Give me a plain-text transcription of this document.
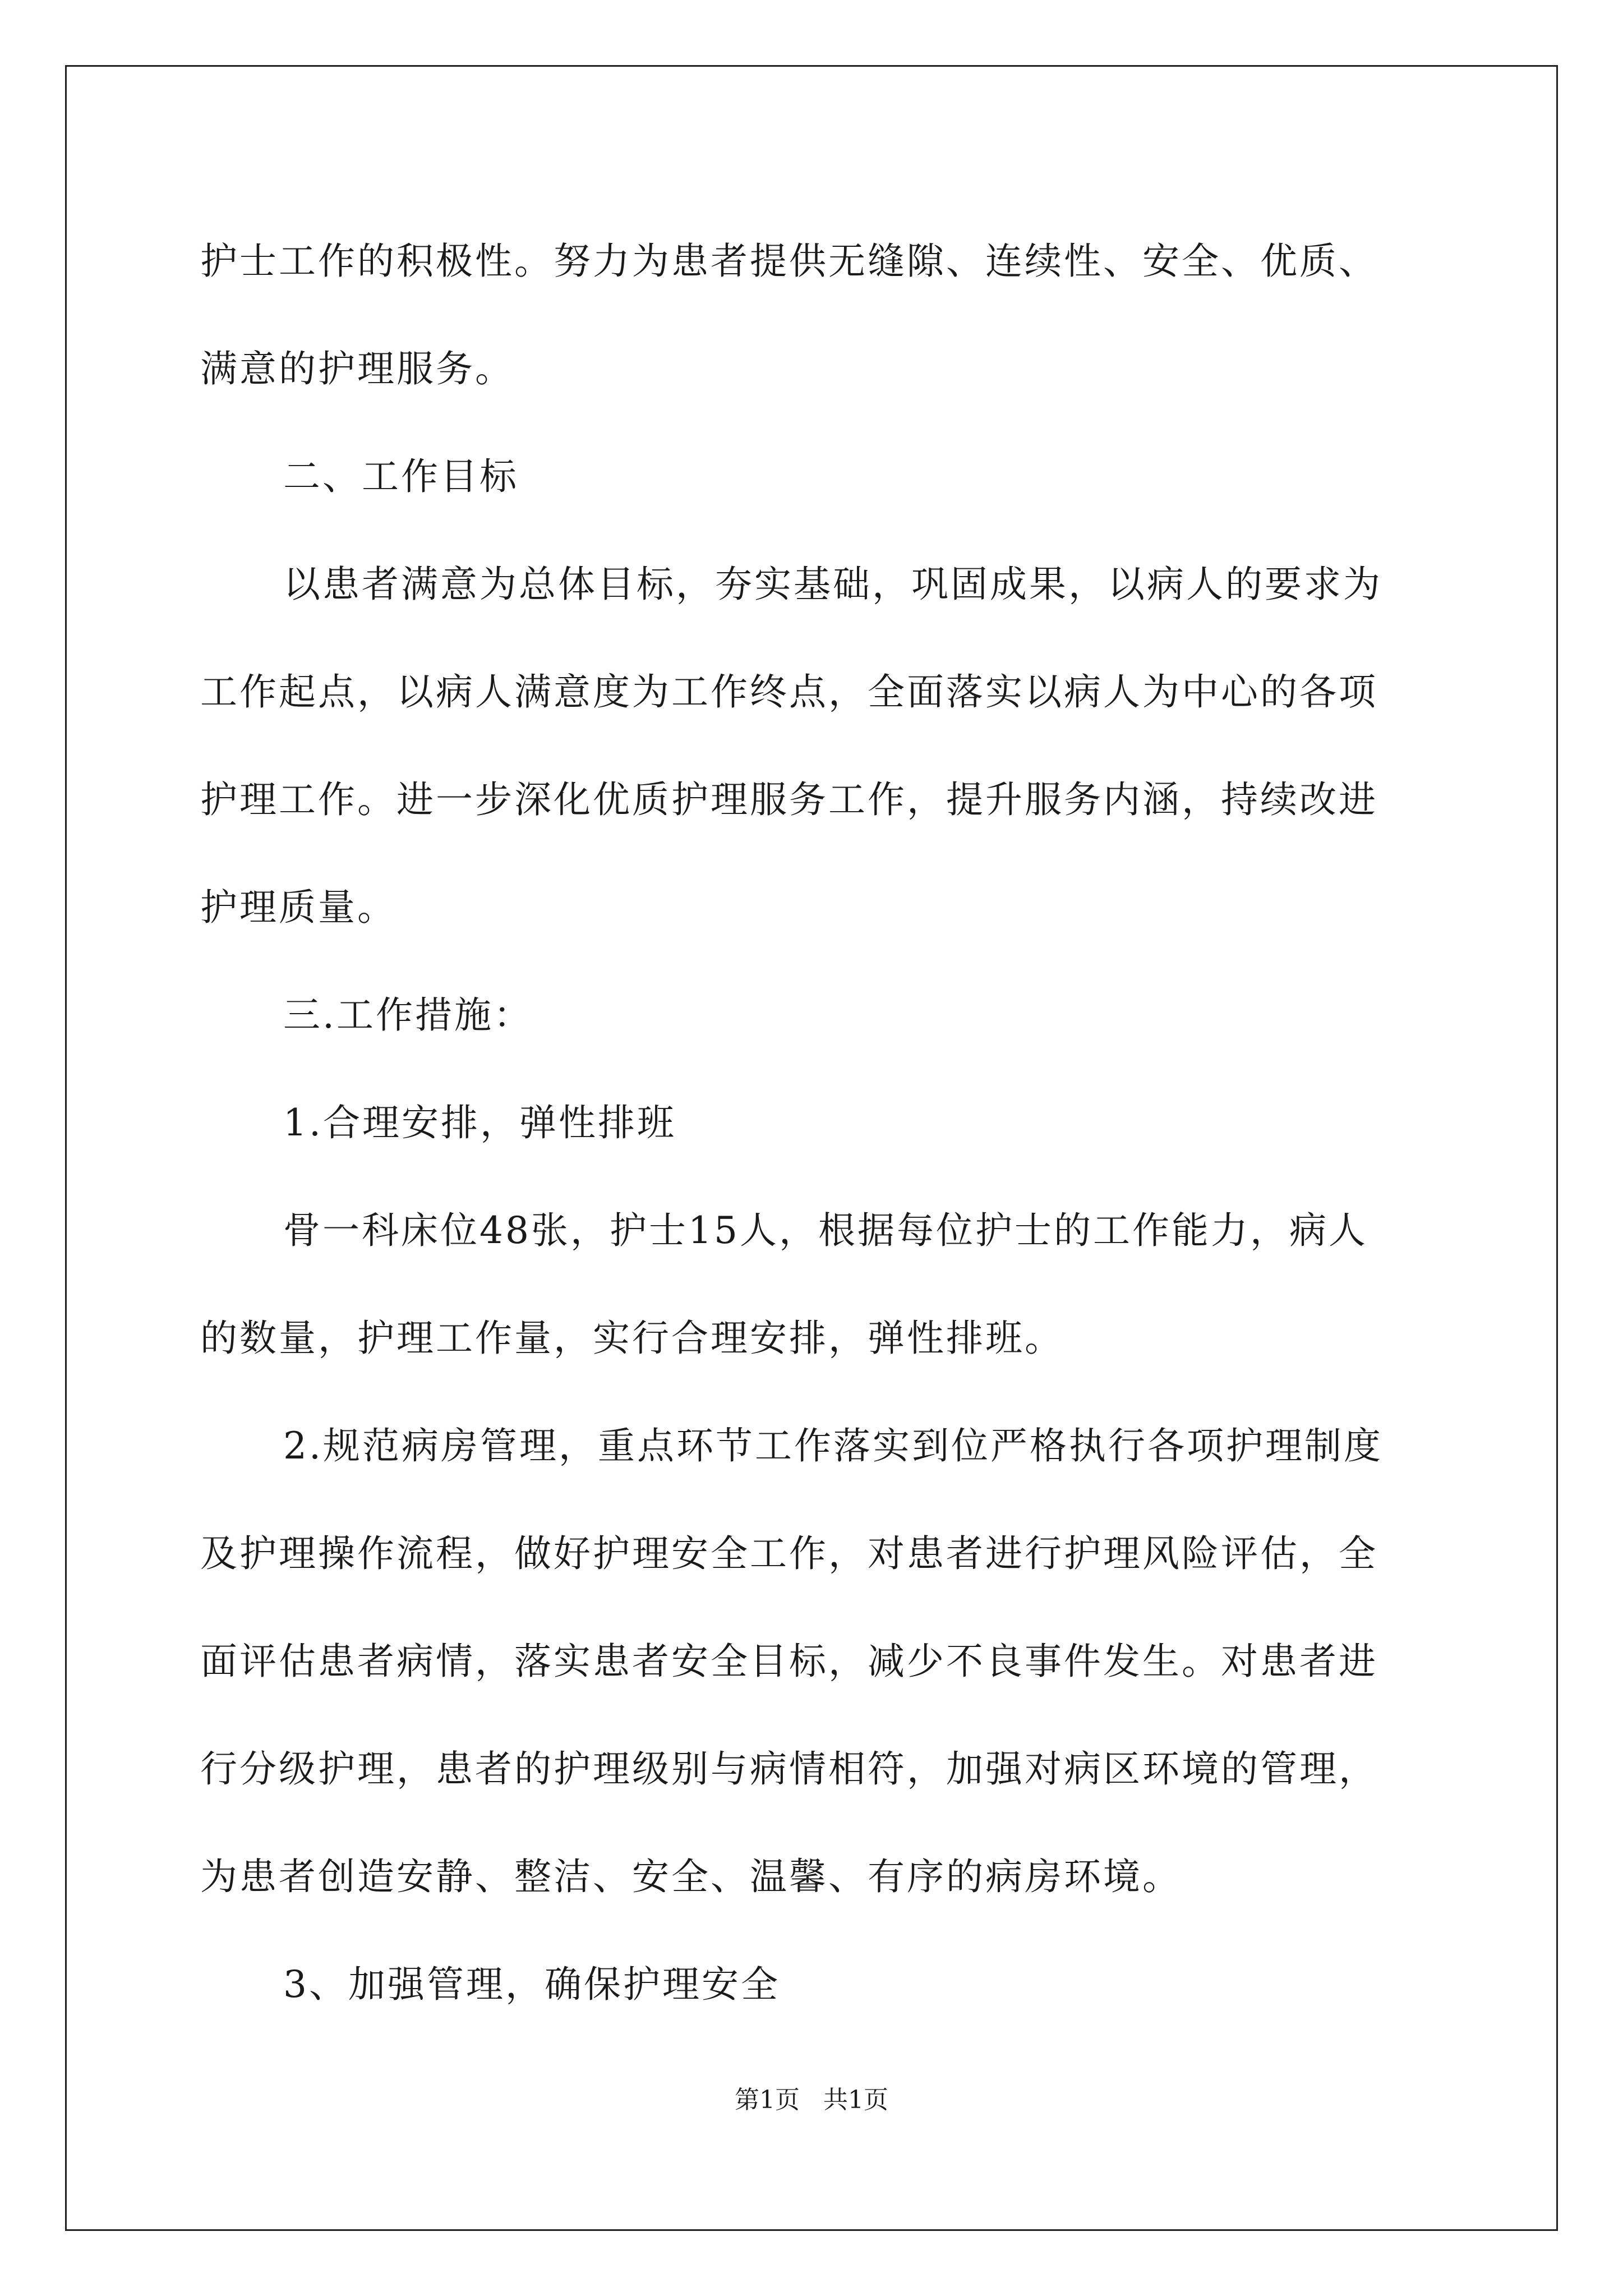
护士工作的积极性。努力为患者提供无缝隙、连续性、安全、优质、
满意的护理服务。
二、工作目标
以患者满意为总体目标，夯实基础，巩固成果，以病人的要求为
工作起点，以病人满意度为工作终点，全面落实以病人为中心的各项
护理工作。进一步深化优质护理服务工作，提升服务内涵，持续改进
护理质量。
三.工作措施：
1.合理安排，弹性排班
骨一科床位48张，护士15人，根据每位护士的工作能力，病人
的数量，护理工作量，实行合理安排，弹性排班。
2.规范病房管理，重点环节工作落实到位严格执行各项护理制度
及护理操作流程，做好护理安全工作，对患者进行护理风险评估，全
面评估患者病情，落实患者安全目标，减少不良事件发生。对患者进
行分级护理，患者的护理级别与病情相符，加强对病区环境的管理，
为患者创造安静、整洁、安全、温馨、有序的病房环境。
3、加强管理，确保护理安全
第1页   共1页
